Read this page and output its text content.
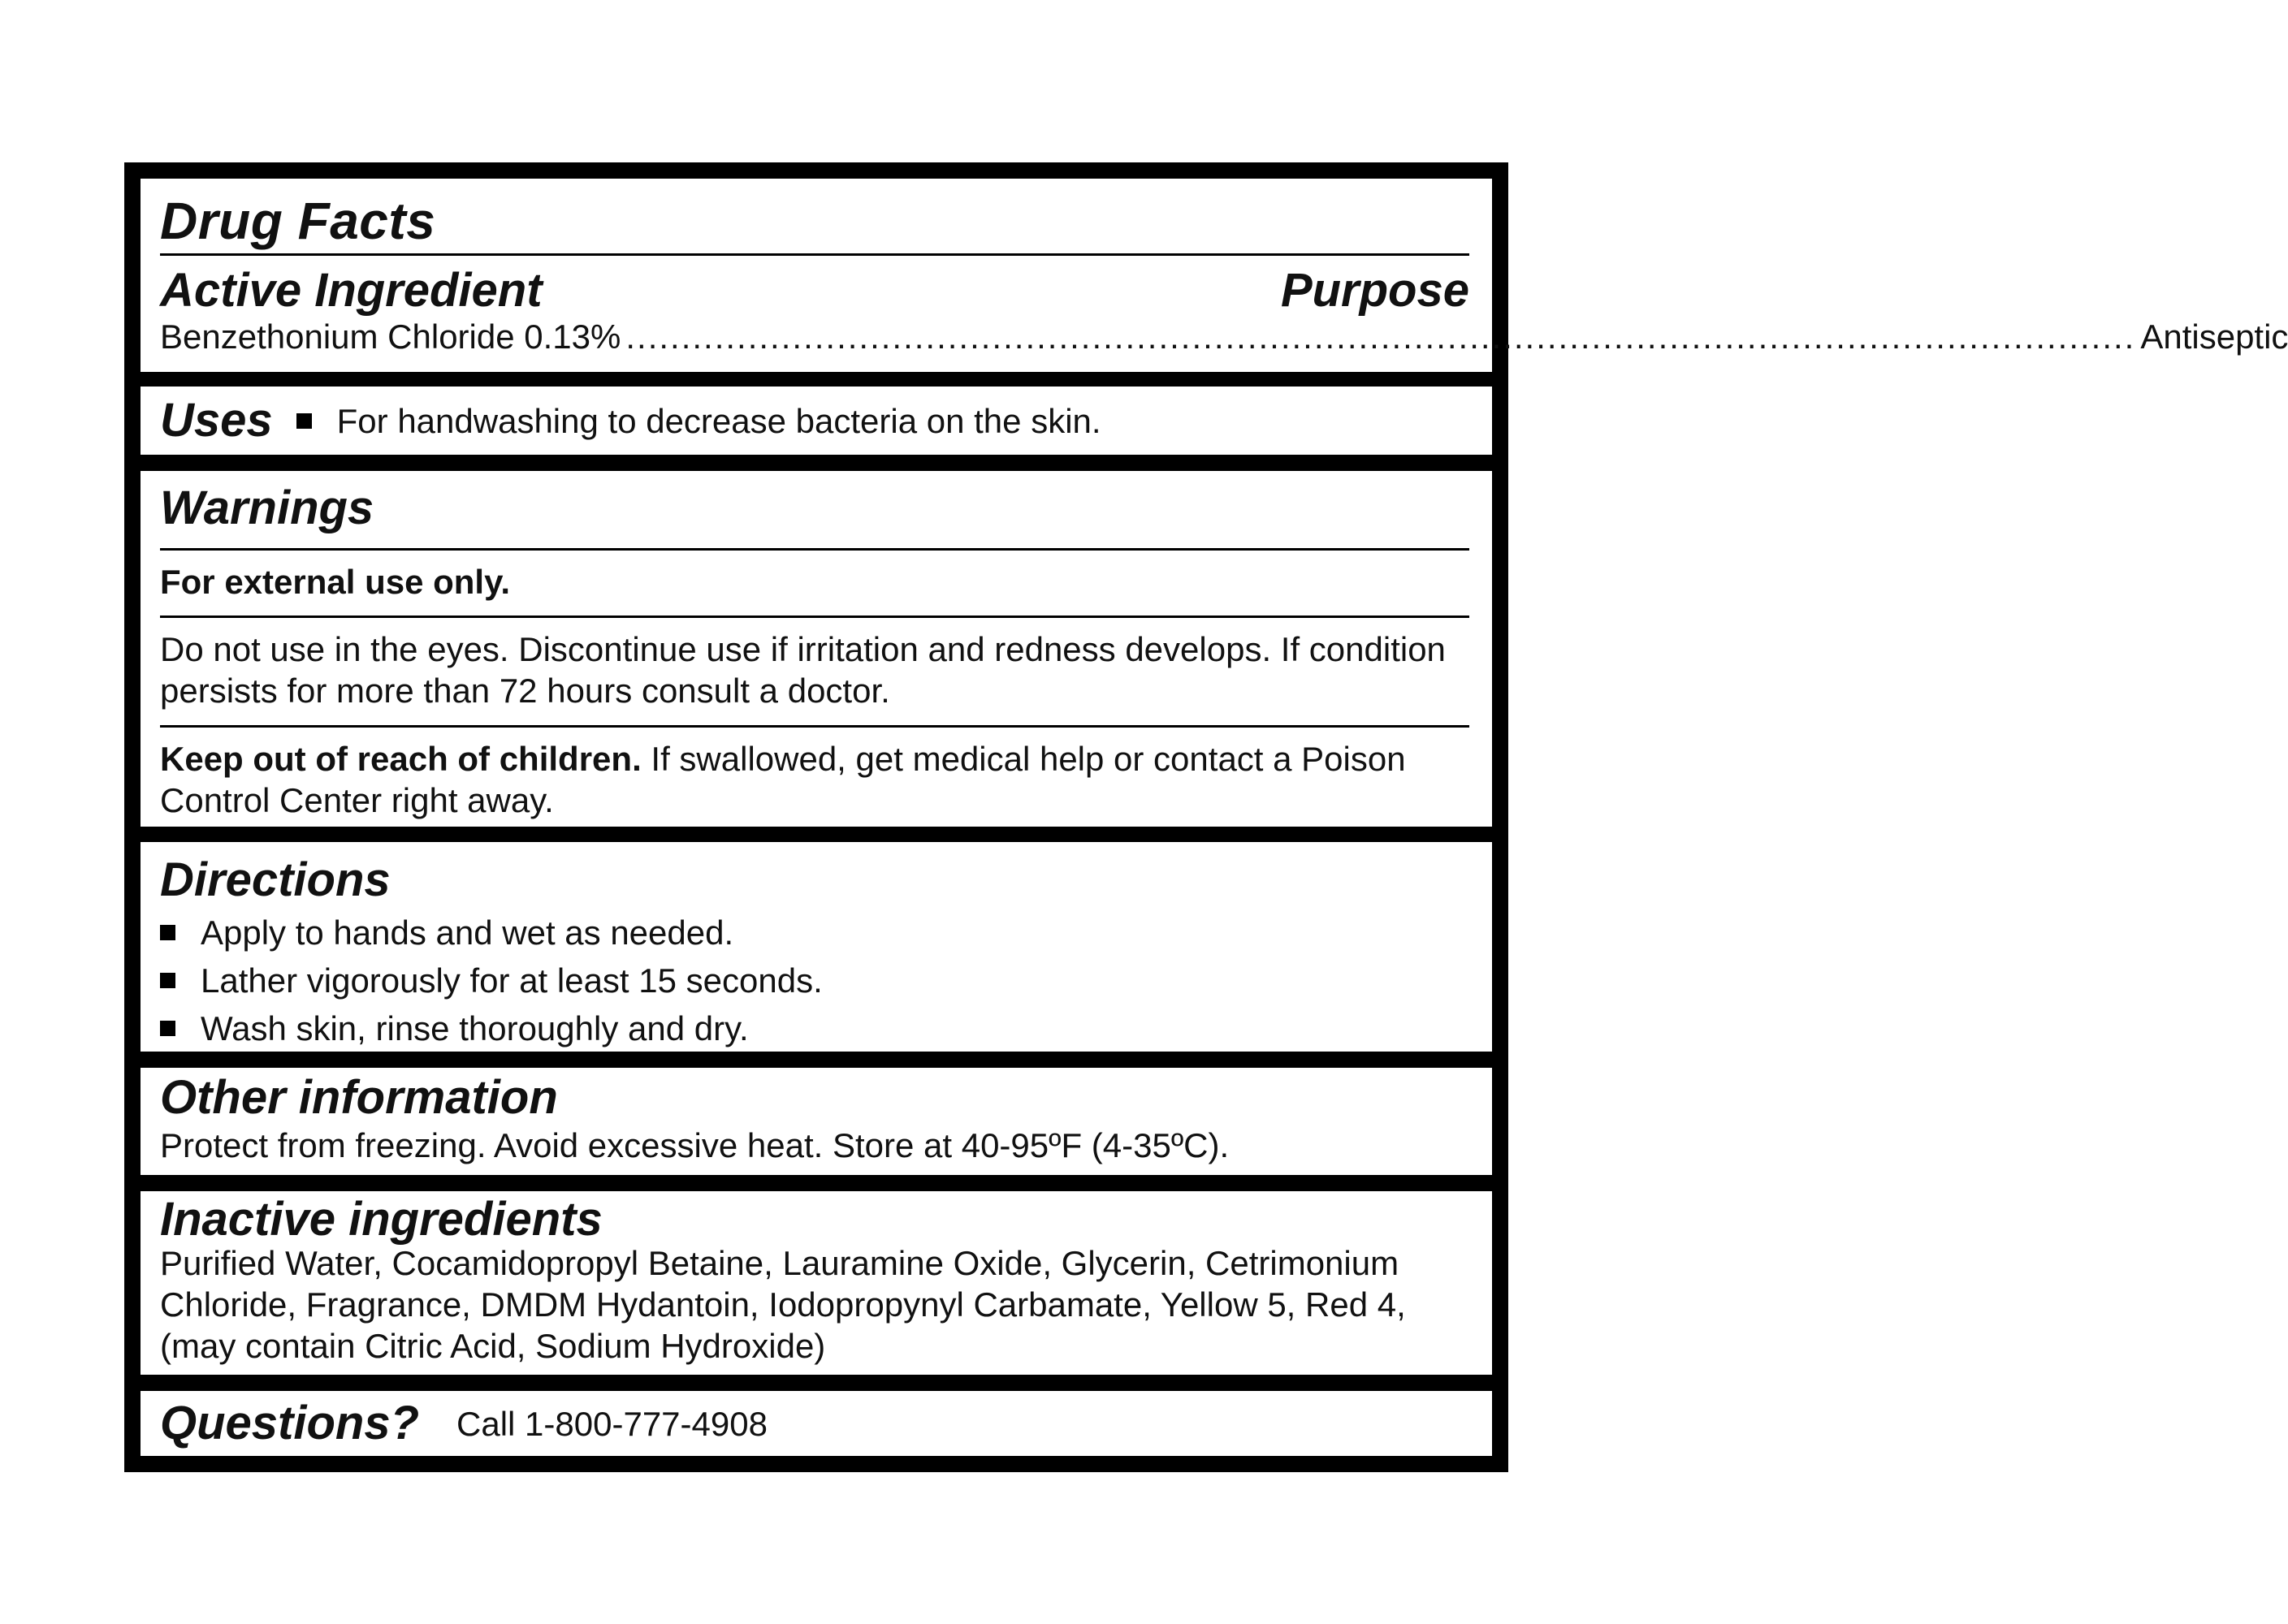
Drug Facts
Active Ingredient	Purpose
Benzethonium Chloride 0.13% ........................................................................................................................................ Antiseptic
Uses For handwashing to decrease bacteria on the skin.
Warnings
For external use only.
Do not use in the eyes. Discontinue use if irritation and redness develops. If condition persists for more than 72 hours consult a doctor.
Keep out of reach of children. If swallowed, get medical help or contact a Poison Control Center right away.
Directions
Apply to hands and wet as needed.
Lather vigorously for at least 15 seconds.
Wash skin, rinse thoroughly and dry.
Other information
Protect from freezing. Avoid excessive heat. Store at 40-95ºF (4-35ºC).
Inactive ingredients
Purified Water, Cocamidopropyl Betaine, Lauramine Oxide, Glycerin, Cetrimonium Chloride, Fragrance, DMDM Hydantoin, Iodopropynyl Carbamate, Yellow 5, Red 4, (may contain Citric Acid, Sodium Hydroxide)
Questions? Call 1-800-777-4908
